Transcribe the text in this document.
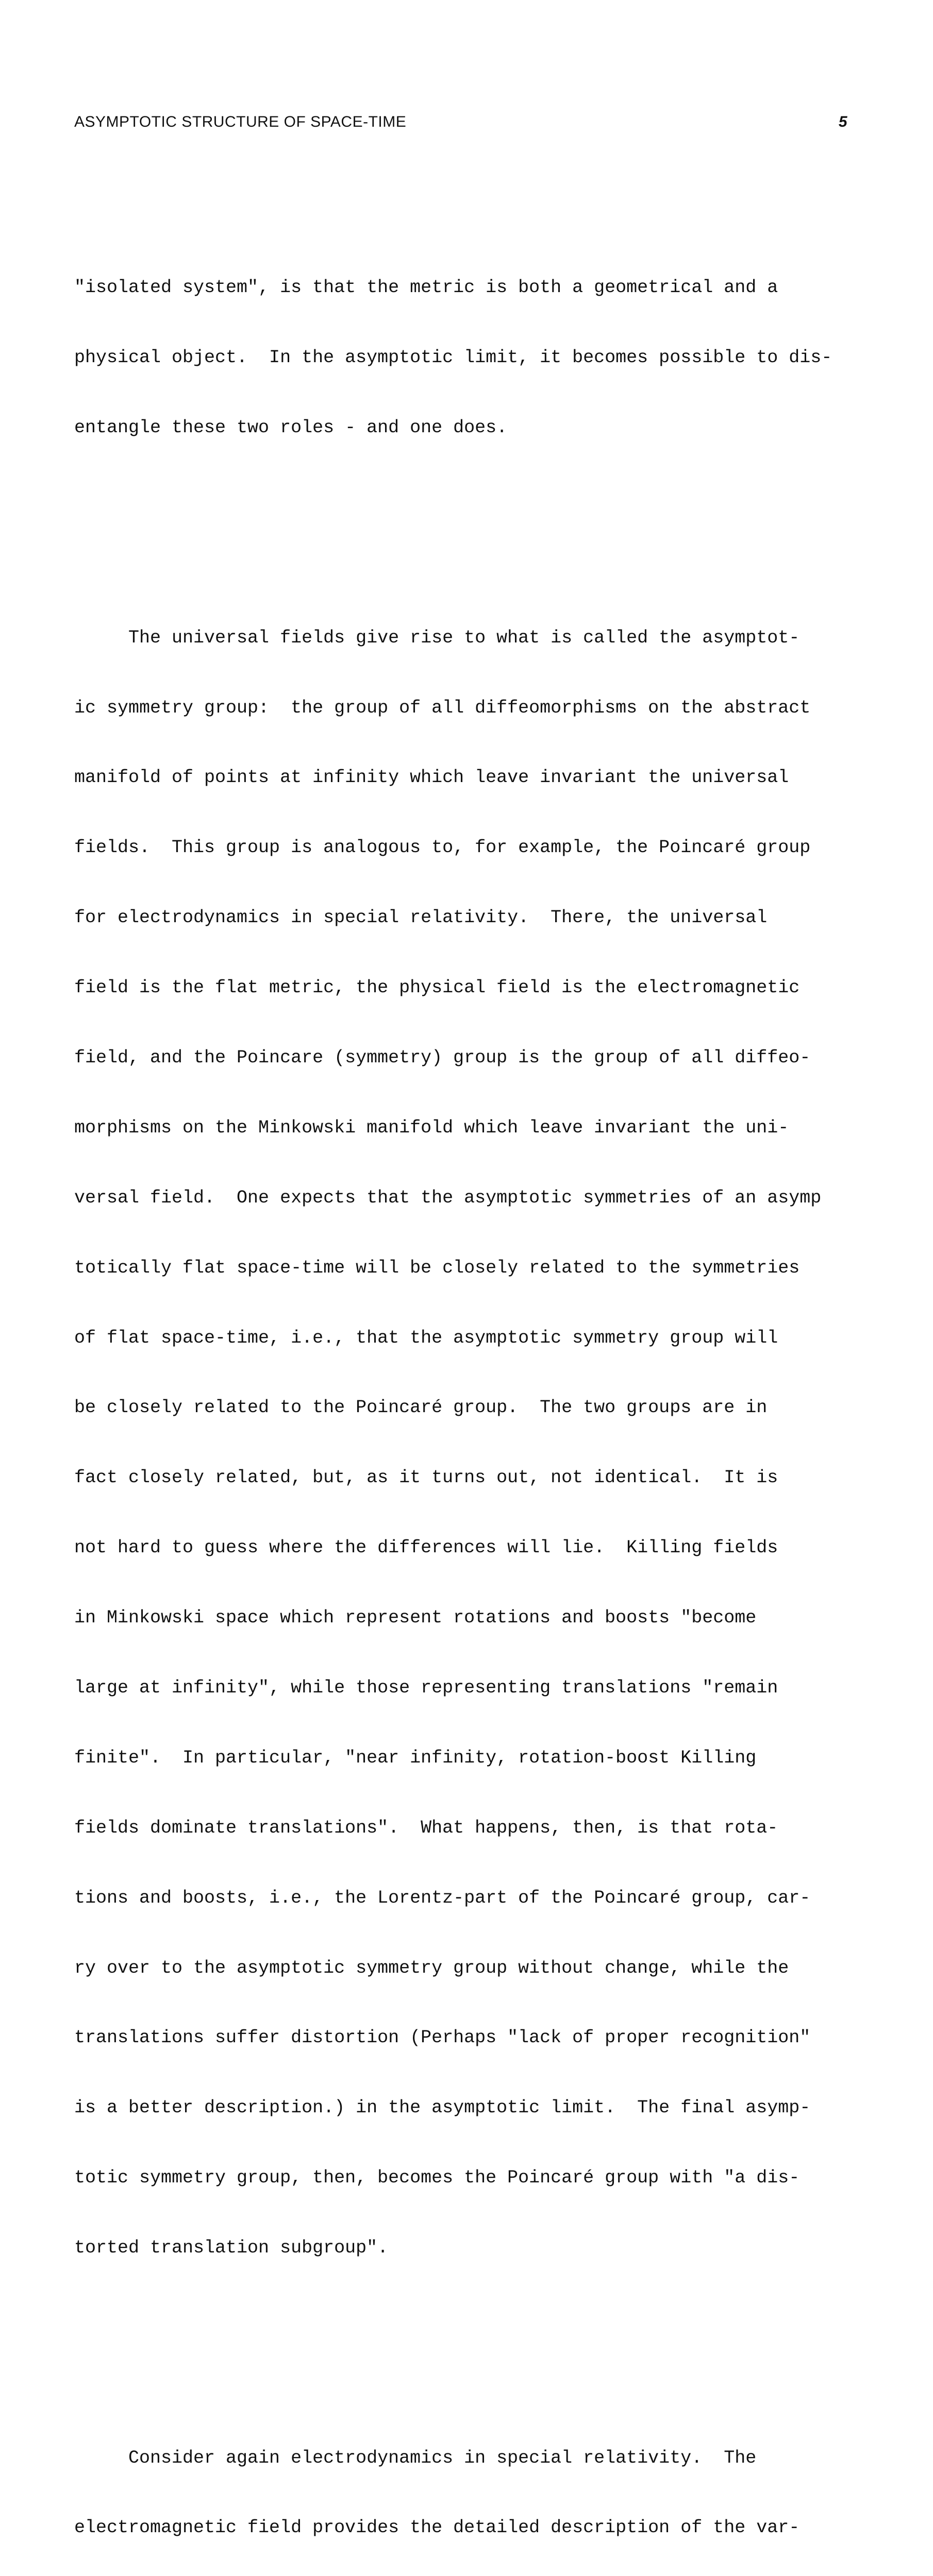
ASYMPTOTIC STRUCTURE OF SPACE-TIME	5

"isolated system", is that the metric is both a geometrical and a

physical object.  In the asymptotic limit, it becomes possible to dis-

entangle these two roles - and one does.

The universal fields give rise to what is called the asymptot-

ic symmetry group:  the group of all diffeomorphisms on the abstract

manifold of points at infinity which leave invariant the universal

fields.  This group is analogous to, for example, the Poincaré group

for electrodynamics in special relativity.  There, the universal

field is the flat metric, the physical field is the electromagnetic

field, and the Poincare (symmetry) group is the group of all diffeo-

morphisms on the Minkowski manifold which leave invariant the uni-

versal field.  One expects that the asymptotic symmetries of an asymp

totically flat space-time will be closely related to the symmetries

of flat space-time, i.e., that the asymptotic symmetry group will

be closely related to the Poincaré group.  The two groups are in

fact closely related, but, as it turns out, not identical.  It is

not hard to guess where the differences will lie.  Killing fields

in Minkowski space which represent rotations and boosts "become

large at infinity", while those representing translations "remain

finite".  In particular, "near infinity, rotation-boost Killing

fields dominate translations".  What happens, then, is that rota-

tions and boosts, i.e., the Lorentz-part of the Poincaré group, car-

ry over to the asymptotic symmetry group without change, while the

translations suffer distortion (Perhaps "lack of proper recognition"

is a better description.) in the asymptotic limit.  The final asymp-

totic symmetry group, then, becomes the Poincaré group with "a dis-

torted translation subgroup".

Consider again electrodynamics in special relativity.  The

electromagnetic field provides the detailed description of the var-
